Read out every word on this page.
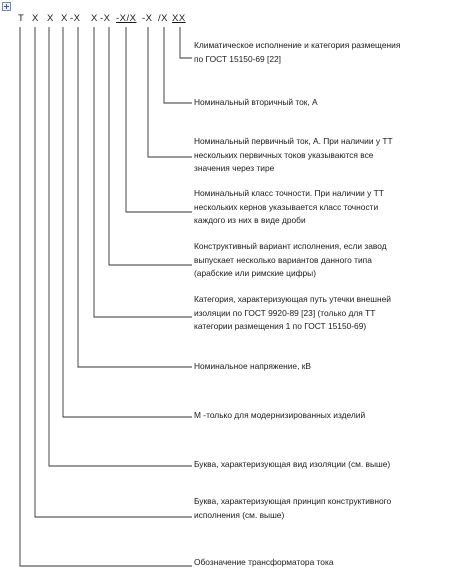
Т Х Х Х -Х Х -Х -Х/Х -Х /Х ХХ
Климатическое исполнение и категория размещения
по ГОСТ 15150-69 [22]
Номинальный вторичный ток, А
Номинальный первичный ток, А. При наличии у ТТ
нескольких первичных токов указываются все
значения через тире
Номинальный класс точности. При наличии у ТТ
нескольких кернов указывается класс точности
каждого из них в виде дроби
Конструктивный вариант исполнения, если завод
выпускает несколько вариантов данного типа
(арабские или римские цифры)
Категория, характеризующая путь утечки внешней
изоляции по ГОСТ 9920-89 [23] (только для ТТ
категории размещения 1 по ГОСТ 15150-69)
Номинальное напряжение, кВ
М -только для модернизированных изделий
Буква, характеризующая вид изоляции (см. выше)
Буква, характеризующая принцип конструктивного
исполнения (см. выше)
Обозначение трансформатора тока
